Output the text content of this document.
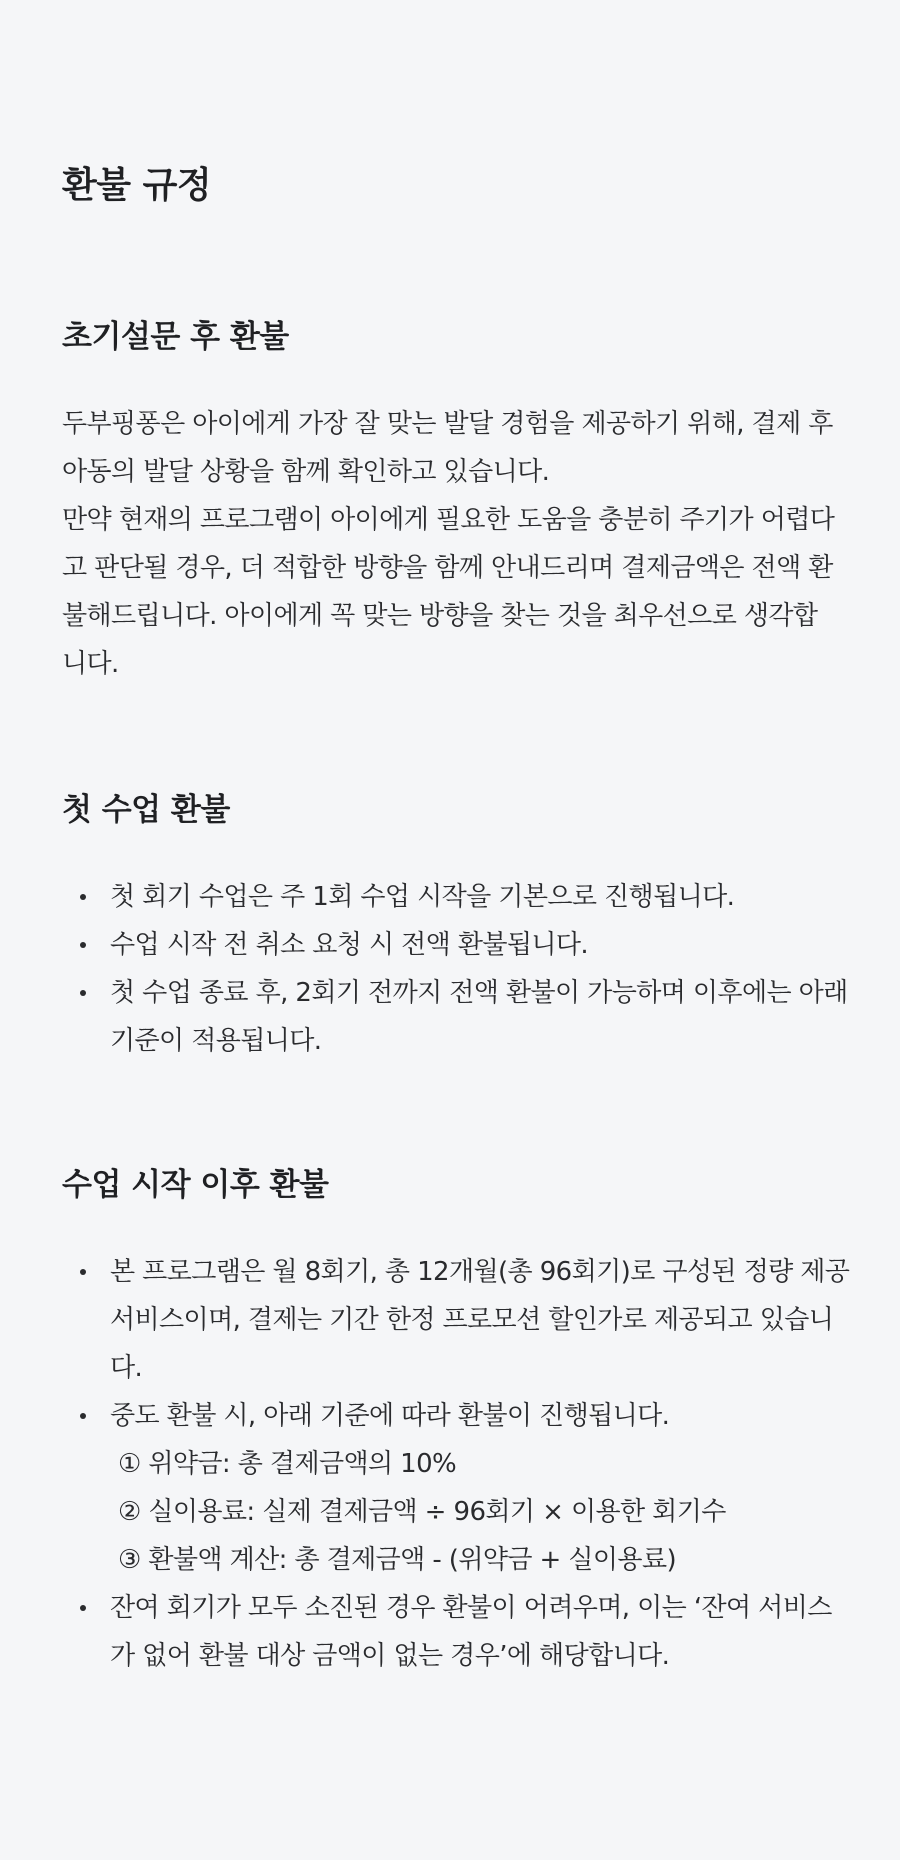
환불 규정
초기설문 후 환불

두부핑퐁은 아이에게 가장 잘 맞는 발달 경험을 제공하기 위해, 결제 후 아동의 발달 상황을 함께 확인하고 있습니다.

만약 현재의 프로그램이 아이에게 필요한 도움을 충분히 주기가 어렵다고 판단될 경우, 더 적합한 방향을 함께 안내드리며 결제금액은 전액 환불해드립니다. 아이에게 꼭 맞는 방향을 찾는 것을 최우선으로 생각합니다.

첫 수업 환불
첫 회기 수업은 주 1회 수업 시작을 기본으로 진행됩니다.
수업 시작 전 취소 요청 시 전액 환불됩니다.
첫 수업 종료 후, 2회기 전까지 전액 환불이 가능하며 이후에는 아래 기준이 적용됩니다.
수업 시작 이후 환불
본 프로그램은 월 8회기, 총 12개월(총 96회기)로 구성된 정량 제공 서비스이며, 결제는 기간 한정 프로모션 할인가로 제공되고 있습니다.
중도 환불 시, 아래 기준에 따라 환불이 진행됩니다.
① 위약금: 총 결제금액의 10%
② 실이용료: 실제 결제금액 ÷ 96회기 × 이용한 회기수
③ 환불액 계산: 총 결제금액 - (위약금 + 실이용료)
잔여 회기가 모두 소진된 경우 환불이 어려우며, 이는 ‘잔여 서비스가 없어 환불 대상 금액이 없는 경우’에 해당합니다.
